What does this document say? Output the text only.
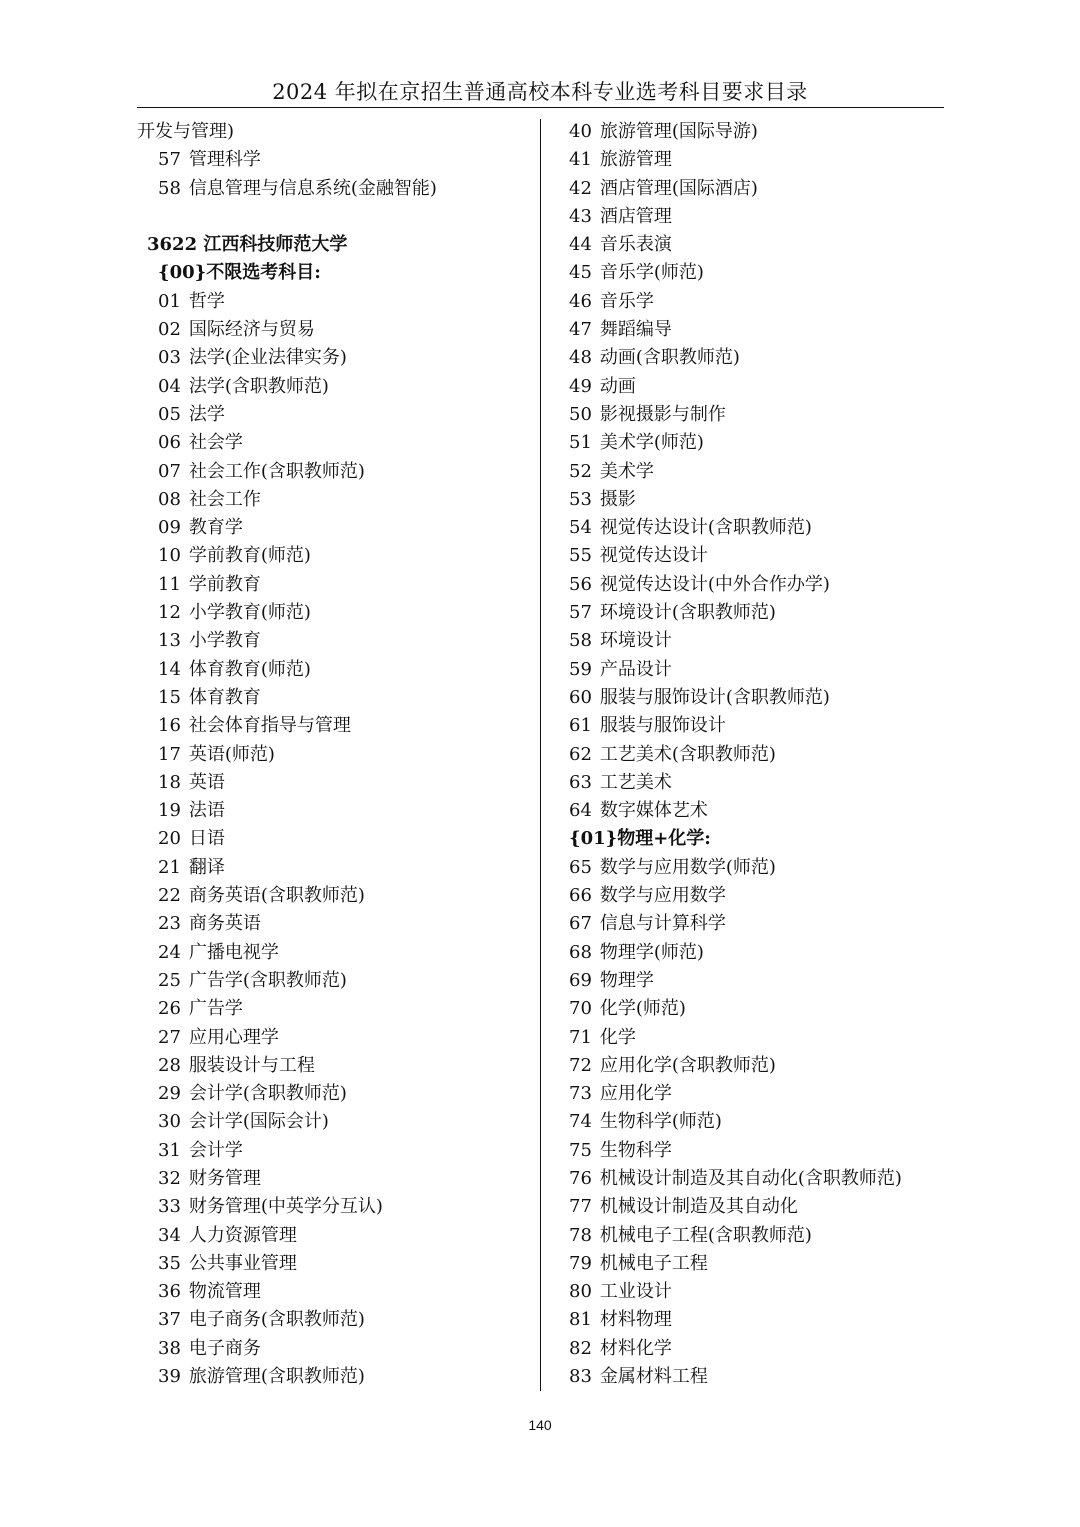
2024 年拟在京招生普通高校本科专业选考科目要求目录
开发与管理)
57 管理科学
58 信息管理与信息系统(金融智能)
3622 江西科技师范大学
{00}不限选考科目:
01 哲学
02 国际经济与贸易
03 法学(企业法律实务)
04 法学(含职教师范)
05 法学
06 社会学
07 社会工作(含职教师范)
08 社会工作
09 教育学
10 学前教育(师范)
11 学前教育
12 小学教育(师范)
13 小学教育
14 体育教育(师范)
15 体育教育
16 社会体育指导与管理
17 英语(师范)
18 英语
19 法语
20 日语
21 翻译
22 商务英语(含职教师范)
23 商务英语
24 广播电视学
25 广告学(含职教师范)
26 广告学
27 应用心理学
28 服装设计与工程
29 会计学(含职教师范)
30 会计学(国际会计)
31 会计学
32 财务管理
33 财务管理(中英学分互认)
34 人力资源管理
35 公共事业管理
36 物流管理
37 电子商务(含职教师范)
38 电子商务
39 旅游管理(含职教师范)
40 旅游管理(国际导游)
41 旅游管理
42 酒店管理(国际酒店)
43 酒店管理
44 音乐表演
45 音乐学(师范)
46 音乐学
47 舞蹈编导
48 动画(含职教师范)
49 动画
50 影视摄影与制作
51 美术学(师范)
52 美术学
53 摄影
54 视觉传达设计(含职教师范)
55 视觉传达设计
56 视觉传达设计(中外合作办学)
57 环境设计(含职教师范)
58 环境设计
59 产品设计
60 服装与服饰设计(含职教师范)
61 服装与服饰设计
62 工艺美术(含职教师范)
63 工艺美术
64 数字媒体艺术
{01}物理+化学:
65 数学与应用数学(师范)
66 数学与应用数学
67 信息与计算科学
68 物理学(师范)
69 物理学
70 化学(师范)
71 化学
72 应用化学(含职教师范)
73 应用化学
74 生物科学(师范)
75 生物科学
76 机械设计制造及其自动化(含职教师范)
77 机械设计制造及其自动化
78 机械电子工程(含职教师范)
79 机械电子工程
80 工业设计
81 材料物理
82 材料化学
83 金属材料工程
140
